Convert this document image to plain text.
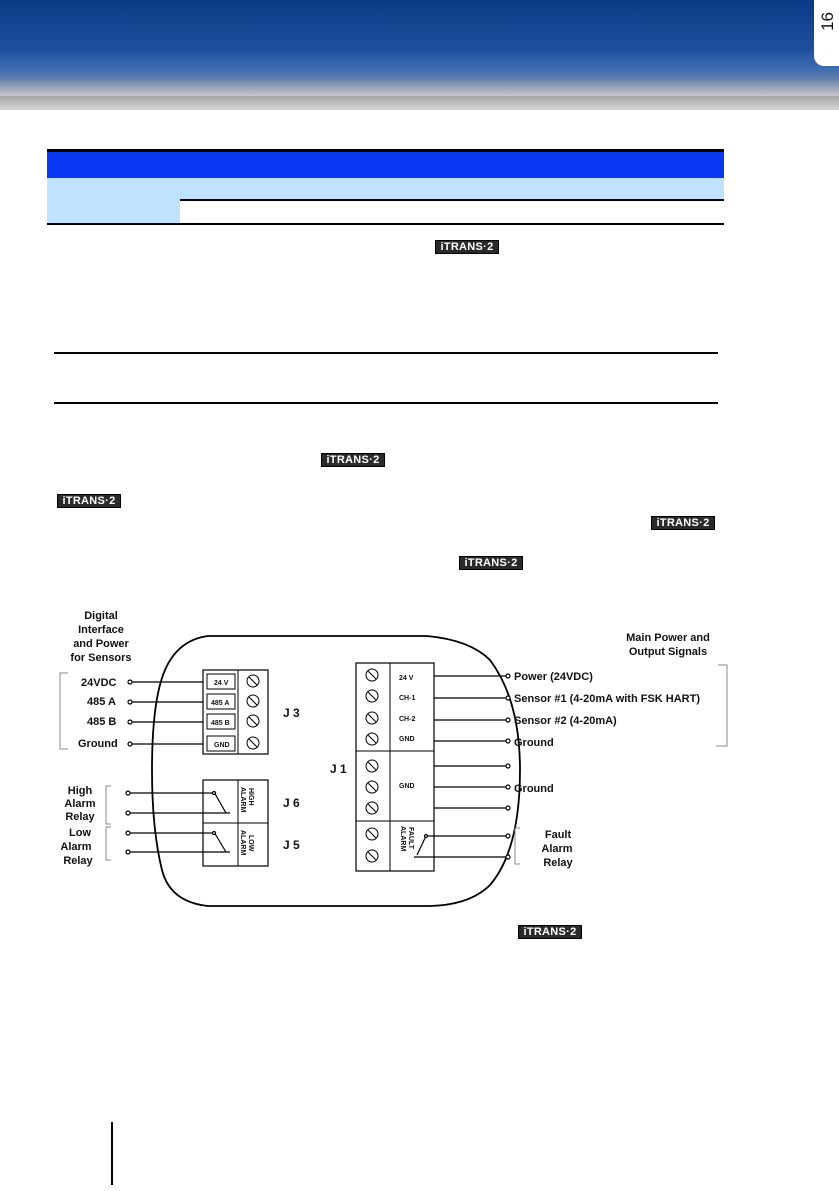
16
iTRANS·2
iTRANS·2
iTRANS·2
iTRANS·2
iTRANS·2
Digital
Interface
and Power
for Sensors
Main Power and
Output Signals
24VDC
485 A
485 B
Ground
24 V
485 A
485 B
GND
J 3
High
Alarm
Relay
Low
Alarm
Relay
HIGH
ALARM
LOW
ALARM
J 6
J 5
J 1
24 V
CH-1
CH-2
GND
GND
FAULT
ALARM
Power (24VDC)
Sensor #1 (4-20mA with FSK HART)
Sensor #2 (4-20mA)
Ground
Ground
Fault
Alarm
Relay
iTRANS·2
